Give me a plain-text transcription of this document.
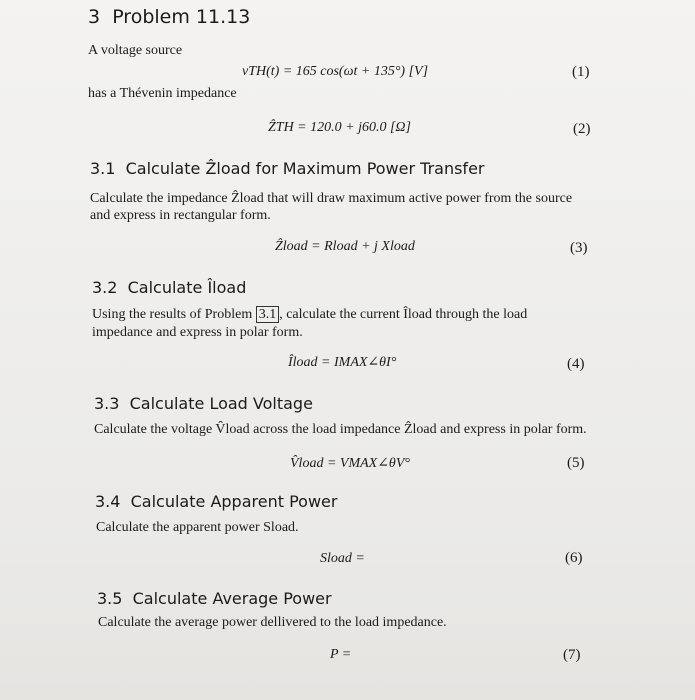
3 Problem 11.13
A voltage source
vTH(t) = 165 cos(ωt + 135°) [V]	(1)
has a Thévenin impedance
ẐTH = 120.0 + j60.0 [Ω]	(2)
3.1 Calculate Ẑload for Maximum Power Transfer
Calculate the impedance Ẑload that will draw maximum active power from the source and express in rectangular form.
Ẑload = Rload + j Xload	(3)
3.2 Calculate Îload
Using the results of Problem 3.1 , calculate the current Îload through the load impedance and express in polar form.
Îload = IMAX∠θI°	(4)
3.3 Calculate Load Voltage
Calculate the voltage V̂load across the load impedance Ẑload and express in polar form.
V̂load = VMAX∠θV°	(5)
3.4 Calculate Apparent Power
Calculate the apparent power Sload.
Sload =	(6)
3.5 Calculate Average Power
Calculate the average power dellivered to the load impedance.
P =	(7)
